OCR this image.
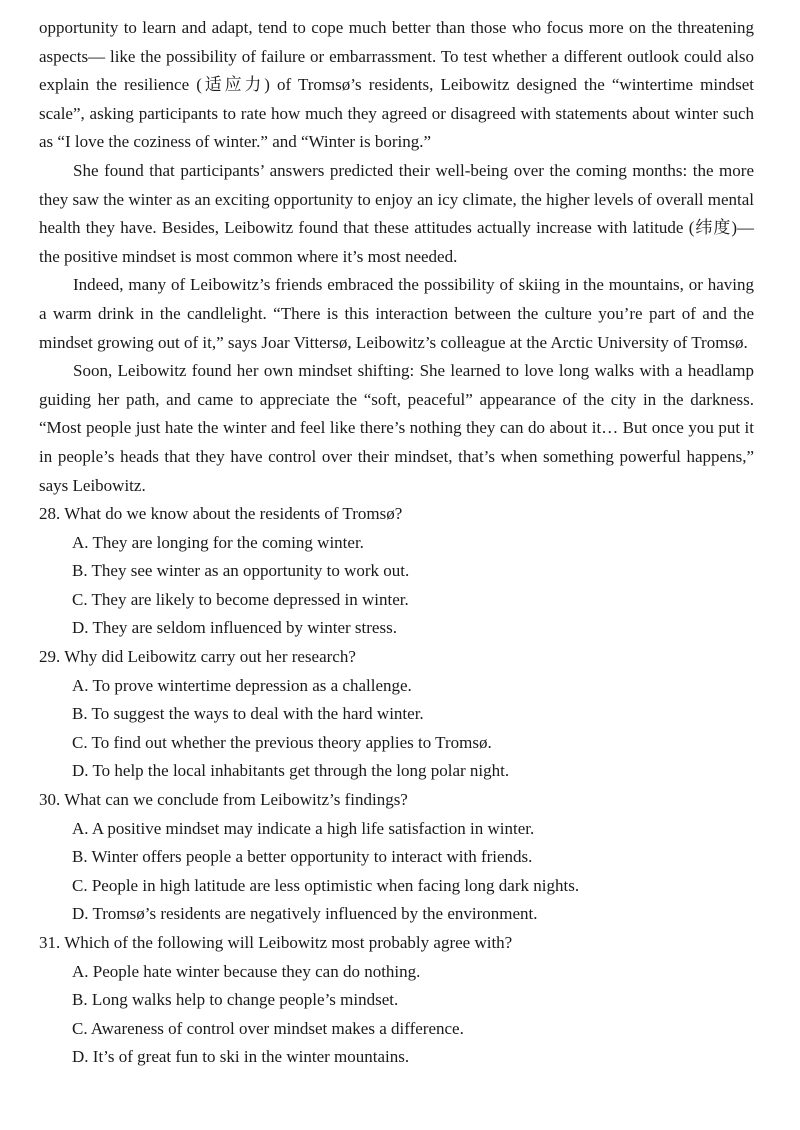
opportunity to learn and adapt, tend to cope much better than those who focus more on the threatening aspects— like the possibility of failure or embarrassment. To test whether a different outlook could also explain the resilience (适应力) of Tromsø’s residents, Leibowitz designed the “wintertime mindset scale”, asking participants to rate how much they agreed or disagreed with statements about winter such as “I love the coziness of winter.” and “Winter is boring.”

She found that participants’ answers predicted their well-being over the coming months: the more they saw the winter as an exciting opportunity to enjoy an icy climate, the higher levels of overall mental health they have. Besides, Leibowitz found that these attitudes actually increase with latitude (纬度)— the positive mindset is most common where it’s most needed.

Indeed, many of Leibowitz’s friends embraced the possibility of skiing in the mountains, or having a warm drink in the candlelight. “There is this interaction between the culture you’re part of and the mindset growing out of it,” says Joar Vittersø, Leibowitz’s colleague at the Arctic University of Tromsø.

Soon, Leibowitz found her own mindset shifting: She learned to love long walks with a headlamp guiding her path, and came to appreciate the “soft, peaceful” appearance of the city in the darkness. “Most people just hate the winter and feel like there’s nothing they can do about it… But once you put it in people’s heads that they have control over their mindset, that’s when something powerful happens,” says Leibowitz.

28. What do we know about the residents of Tromsø?

A. They are longing for the coming winter.

B. They see winter as an opportunity to work out.

C. They are likely to become depressed in winter.

D. They are seldom influenced by winter stress.

29. Why did Leibowitz carry out her research?

A. To prove wintertime depression as a challenge.

B. To suggest the ways to deal with the hard winter.

C. To find out whether the previous theory applies to Tromsø.

D. To help the local inhabitants get through the long polar night.

30. What can we conclude from Leibowitz’s findings?

A. A positive mindset may indicate a high life satisfaction in winter.

B. Winter offers people a better opportunity to interact with friends.

C. People in high latitude are less optimistic when facing long dark nights.

D. Tromsø’s residents are negatively influenced by the environment.

31. Which of the following will Leibowitz most probably agree with?

A. People hate winter because they can do nothing.

B. Long walks help to change people’s mindset.

C. Awareness of control over mindset makes a difference.

D. It’s of great fun to ski in the winter mountains.
